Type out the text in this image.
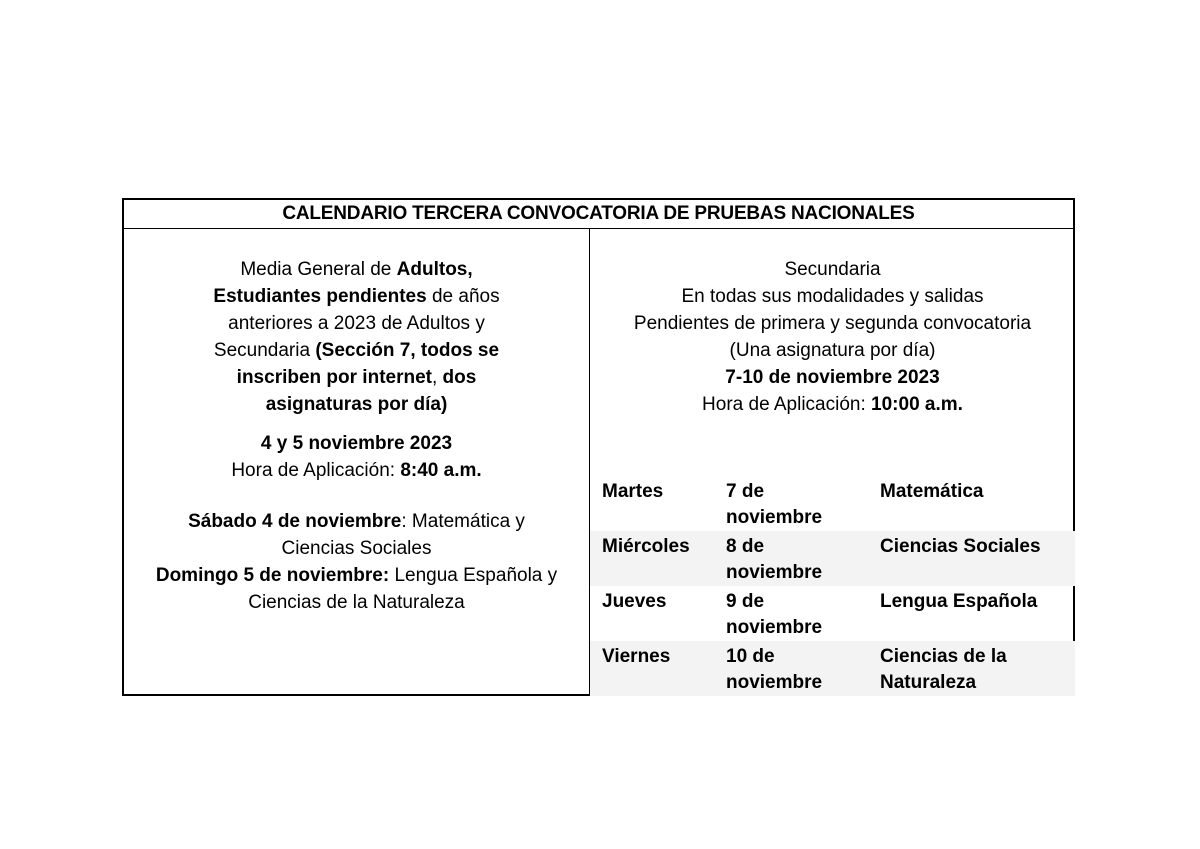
CALENDARIO TERCERA CONVOCATORIA DE PRUEBAS NACIONALES
Media General de Adultos, Estudiantes pendientes de años anteriores a 2023 de Adultos y Secundaria (Sección 7, todos se inscriben por internet, dos asignaturas por día)
4 y 5 noviembre 2023
Hora de Aplicación: 8:40 a.m.
Sábado 4 de noviembre: Matemática y Ciencias Sociales
Domingo 5 de noviembre: Lengua Española y Ciencias de la Naturaleza
Secundaria
En todas sus modalidades y salidas
Pendientes de primera y segunda convocatoria
(Una asignatura por día)
7-10 de noviembre 2023
Hora de Aplicación: 10:00 a.m.
Martes	7 de noviembre	Matemática
Miércoles	8 de noviembre	Ciencias Sociales
Jueves	9 de noviembre	Lengua Española
Viernes	10 de noviembre	Ciencias de la Naturaleza
